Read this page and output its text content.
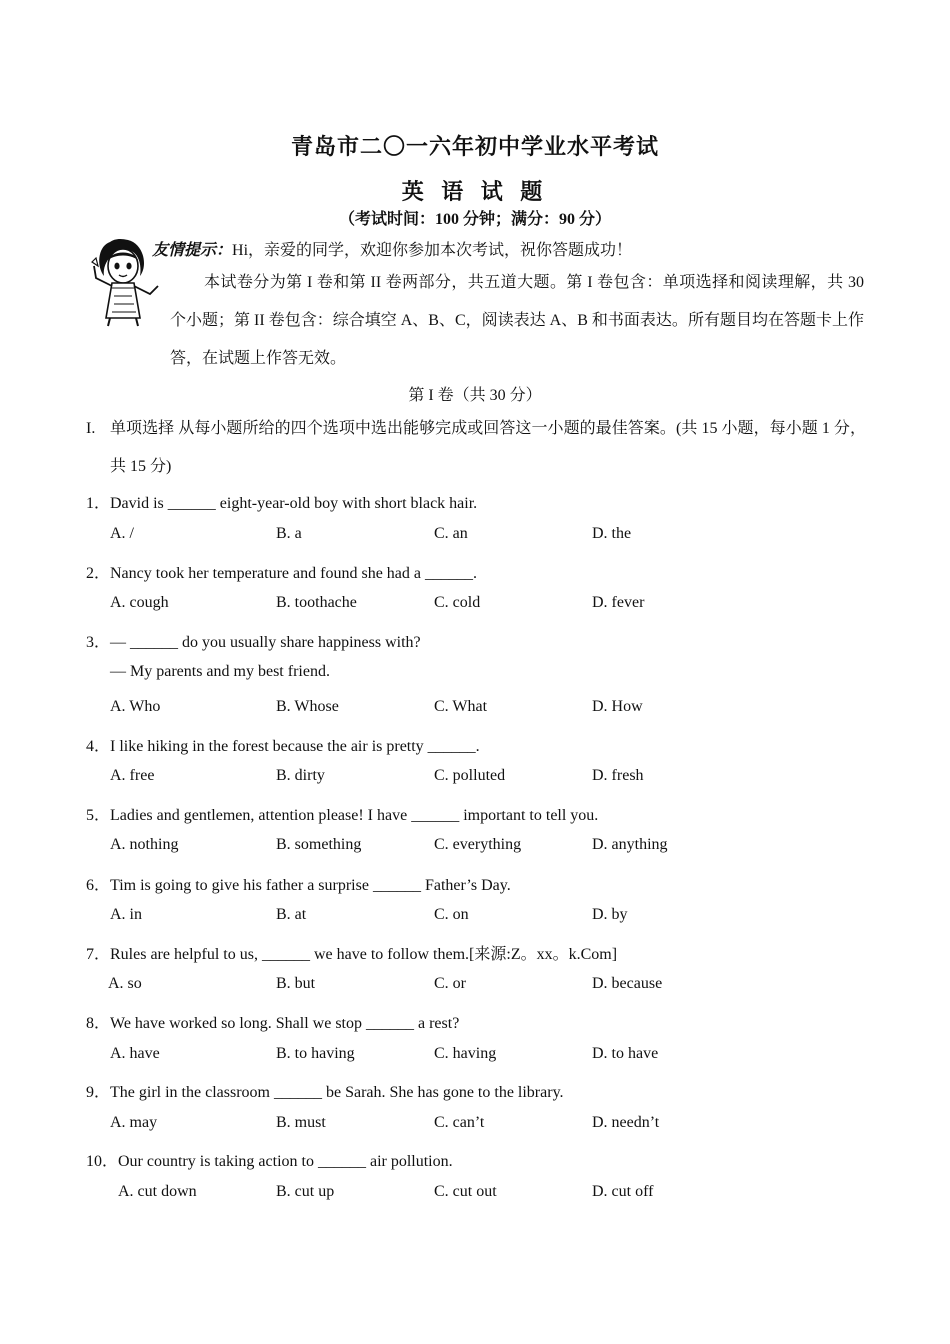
青岛市二〇一六年初中学业水平考试
英 语 试 题
（考试时间：100 分钟；满分：90 分）
友情提示：Hi，亲爱的同学，欢迎你参加本次考试，祝你答题成功！
本试卷分为第 I 卷和第 II 卷两部分，共五道大题。第 I 卷包含：单项选择和阅读理解，共 30 个小题；第 II 卷包含：综合填空 A、B、C，阅读表达 A、B 和书面表达。所有题目均在答题卡上作答，在试题上作答无效。
第 I 卷（共 30 分）
I. 单项选择 从每小题所给的四个选项中选出能够完成或回答这一小题的最佳答案。(共 15 小题，每小题 1 分，共 15 分)
1．David is ______ eight-year-old boy with short black hair.
A. /	B. a	C. an	D. the
2．Nancy took her temperature and found she had a ______.
A. cough	B. toothache	C. cold	D. fever
3．— ______ do you usually share happiness with?
— My parents and my best friend.
A. Who	B. Whose	C. What	D. How
4．I like hiking in the forest because the air is pretty ______.
A. free	B. dirty	C. polluted	D. fresh
5．Ladies and gentlemen, attention please! I have ______ important to tell you.
A. nothing	B. something	C. everything	D. anything
6．Tim is going to give his father a surprise ______ Father’s Day.
A. in	B. at	C. on	D. by
7．Rules are helpful to us, ______ we have to follow them.[来源:Z。xx。k.Com]
A. so	B. but	C. or	D. because
8．We have worked so long. Shall we stop ______ a rest?
A. have	B. to having	C. having	D. to have
9．The girl in the classroom ______ be Sarah. She has gone to the library.
A. may	B. must	C. can’t	D. needn’t
10．Our country is taking action to ______ air pollution.
A. cut down	B. cut up	C. cut out	D. cut off
